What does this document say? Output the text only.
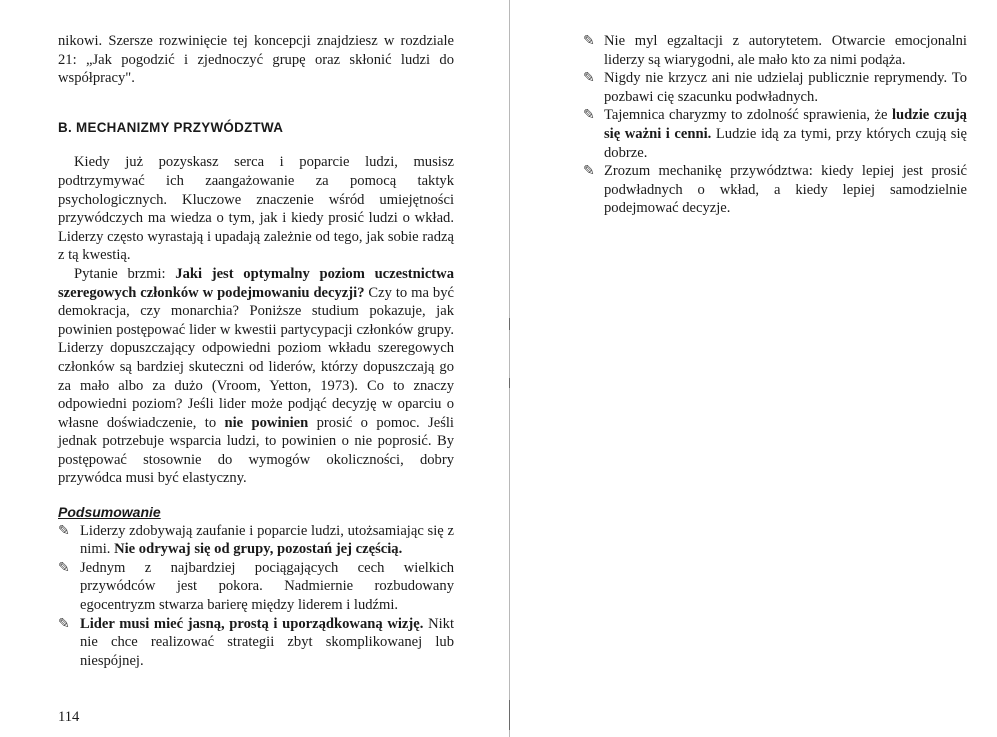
nikowi. Szersze rozwinięcie tej koncepcji znajdziesz w rozdziale 21: „Jak pogodzić i zjednoczyć grupę oraz skłonić ludzi do współpracy".

B. MECHANIZMY PRZYWÓDZTWA

Kiedy już pozyskasz serca i poparcie ludzi, musisz podtrzymywać ich zaangażowanie za pomocą taktyk psychologicznych. Kluczowe znaczenie wśród umiejętności przywódczych ma wiedza o tym, jak i kiedy prosić ludzi o wkład. Liderzy często wyrastają i upadają zależnie od tego, jak sobie radzą z tą kwestią.

Pytanie brzmi: Jaki jest optymalny poziom uczestnictwa szeregowych członków w podejmowaniu decyzji? Czy to ma być demokracja, czy monarchia? Poniższe studium pokazuje, jak powinien postępować lider w kwestii partycypacji członków grupy. Liderzy dopuszczający odpowiedni poziom wkładu szeregowych członków są bardziej skuteczni od liderów, którzy dopuszczają go za mało albo za dużo (Vroom, Yetton, 1973). Co to znaczy odpowiedni poziom? Jeśli lider może podjąć decyzję w oparciu o własne doświadczenie, to nie powinien prosić o pomoc. Jeśli jednak potrzebuje wsparcia ludzi, to powinien o nie poprosić. By postępować stosownie do wymogów okoliczności, dobry przywódca musi być elastyczny.

Podsumowanie
✎ Liderzy zdobywają zaufanie i poparcie ludzi, utożsamiając się z nimi. Nie odrywaj się od grupy, pozostań jej częścią.
✎ Jednym z najbardziej pociągających cech wielkich przywódców jest pokora. Nadmiernie rozbudowany egocentryzm stwarza barierę między liderem i ludźmi.
✎ Lider musi mieć jasną, prostą i uporządkowaną wizję. Nikt nie chce realizować strategii zbyt skomplikowanej lub niespójnej.
114
✎ Nie myl egzaltacji z autorytetem. Otwarcie emocjonalni liderzy są wiarygodni, ale mało kto za nimi podąża.
✎ Nigdy nie krzycz ani nie udzielaj publicznie reprymendy. To pozbawi cię szacunku podwładnych.
✎ Tajemnica charyzmy to zdolność sprawienia, że ludzie czują się ważni i cenni. Ludzie idą za tymi, przy których czują się dobrze.
✎ Zrozum mechanikę przywództwa: kiedy lepiej jest prosić podwładnych o wkład, a kiedy lepiej samodzielnie podejmować decyzje.
